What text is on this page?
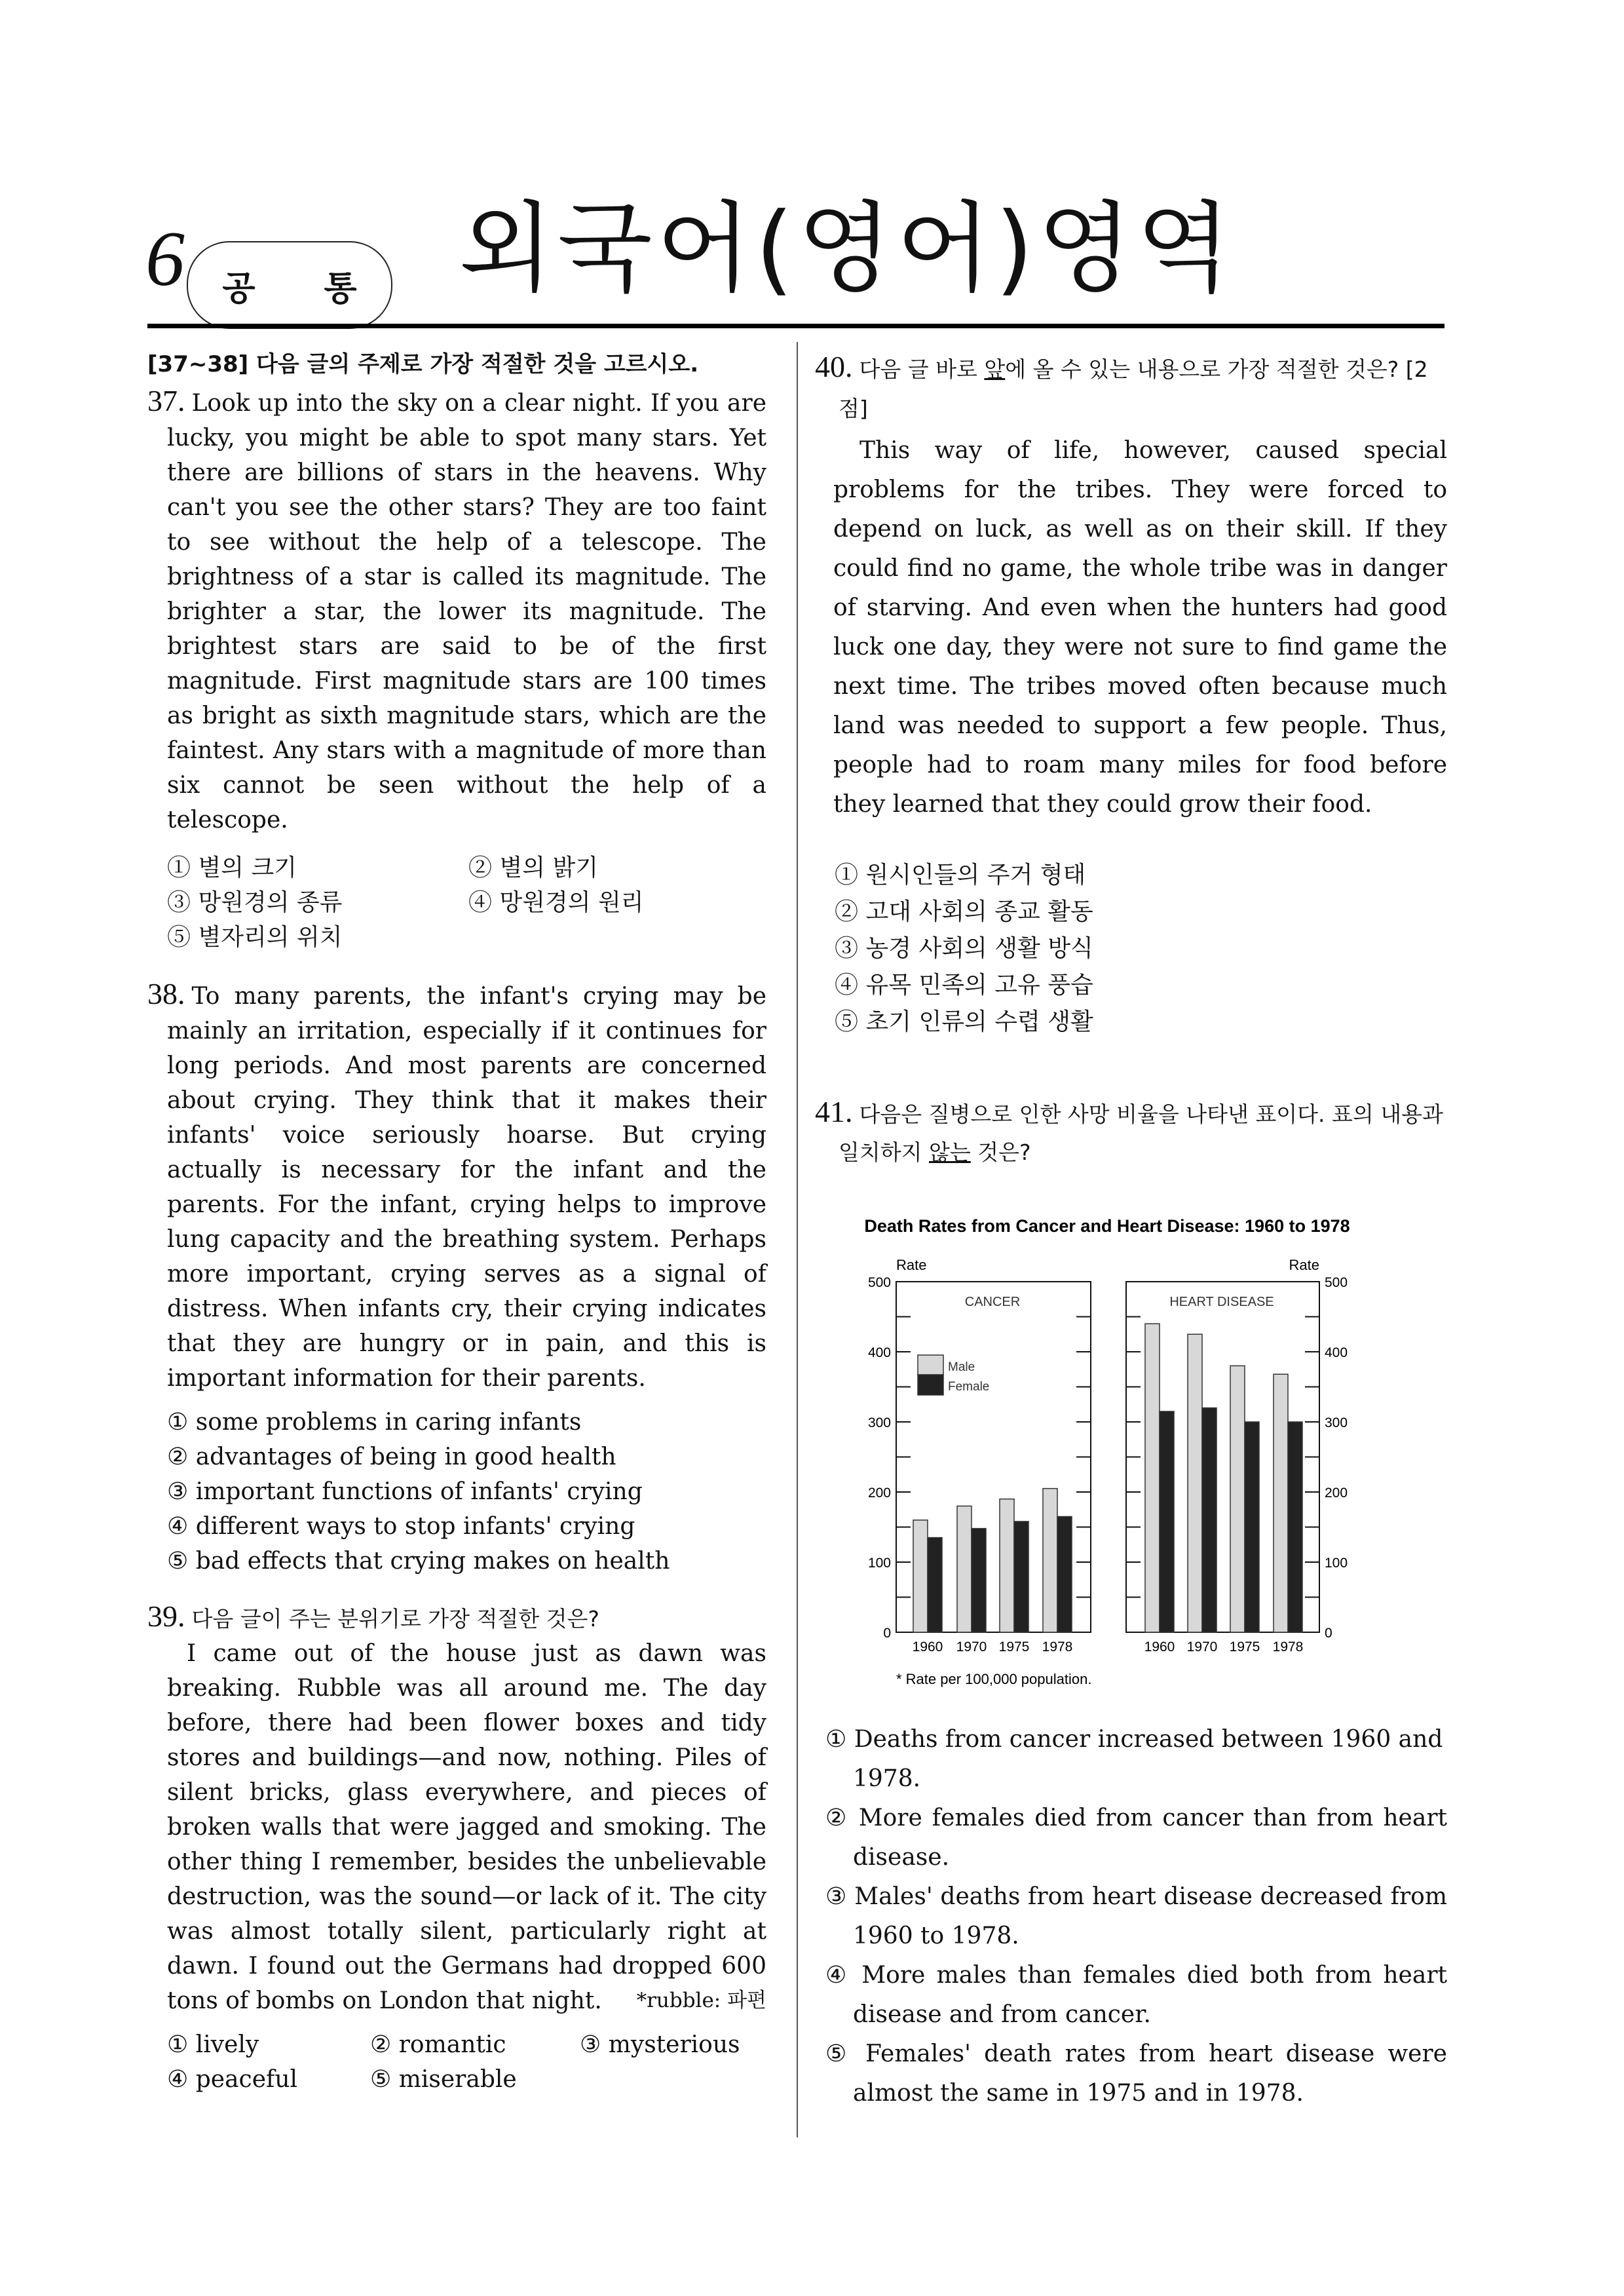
6 공 통 외국어(영어)영역
[37~38] 다음 글의 주제로 가장 적절한 것을 고르시오.
37. Look up into the sky on a clear night. If you are lucky, you might be able to spot many stars. Yet there are billions of stars in the heavens. Why can't you see the other stars? They are too faint to see without the help of a telescope. The brightness of a star is called its magnitude. The brighter a star, the lower its magnitude. The brightest stars are said to be of the first magnitude. First magnitude stars are 100 times as bright as sixth magnitude stars, which are the faintest. Any stars with a magnitude of more than six cannot be seen without the help of a telescope.
① 별의 크기	② 별의 밝기
③ 망원경의 종류	④ 망원경의 원리
⑤ 별자리의 위치
38. To many parents, the infant's crying may be mainly an irritation, especially if it continues for long periods. And most parents are concerned about crying. They think that it makes their infants' voice seriously hoarse. But crying actually is necessary for the infant and the parents. For the infant, crying helps to improve lung capacity and the breathing system. Perhaps more important, crying serves as a signal of distress. When infants cry, their crying indicates that they are hungry or in pain, and this is important information for their parents.
① some problems in caring infants
② advantages of being in good health
③ important functions of infants' crying
④ different ways to stop infants' crying
⑤ bad effects that crying makes on health
39. 다음 글이 주는 분위기로 가장 적절한 것은?
I came out of the house just as dawn was breaking. Rubble was all around me. The day before, there had been flower boxes and tidy stores and buildings—and now, nothing. Piles of silent bricks, glass everywhere, and pieces of broken walls that were jagged and smoking. The other thing I remember, besides the unbelievable destruction, was the sound—or lack of it. The city was almost totally silent, particularly right at dawn. I found out the Germans had dropped 600 tons of bombs on London that night.	*rubble: 파편
① lively	② romantic	③ mysterious
④ peaceful	⑤ miserable
40. 다음 글 바로 앞에 올 수 있는 내용으로 가장 적절한 것은? [2점]
This way of life, however, caused special problems for the tribes. They were forced to depend on luck, as well as on their skill. If they could find no game, the whole tribe was in danger of starving. And even when the hunters had good luck one day, they were not sure to find game the next time. The tribes moved often because much land was needed to support a few people. Thus, people had to roam many miles for food before they learned that they could grow their food.
① 원시인들의 주거 형태
② 고대 사회의 종교 활동
③ 농경 사회의 생활 방식
④ 유목 민족의 고유 풍습
⑤ 초기 인류의 수렵 생활
41. 다음은 질병으로 인한 사망 비율을 나타낸 표이다. 표의 내용과 일치하지 않는 것은?
Death Rates from Cancer and Heart Disease: 1960 to 1978
Rate	Rate
CANCER
1960 1970 1975 1978
HEART DISEASE
1960 1970 1975 1978
0	0
100	100
200	200
300	300
400	400
500	500
Male
Female
* Rate per 100,000 population.
① Deaths from cancer increased between 1960 and 1978.
② More females died from cancer than from heart disease.
③ Males' deaths from heart disease decreased from 1960 to 1978.
④ More males than females died both from heart disease and from cancer.
⑤ Females' death rates from heart disease were almost the same in 1975 and in 1978.
